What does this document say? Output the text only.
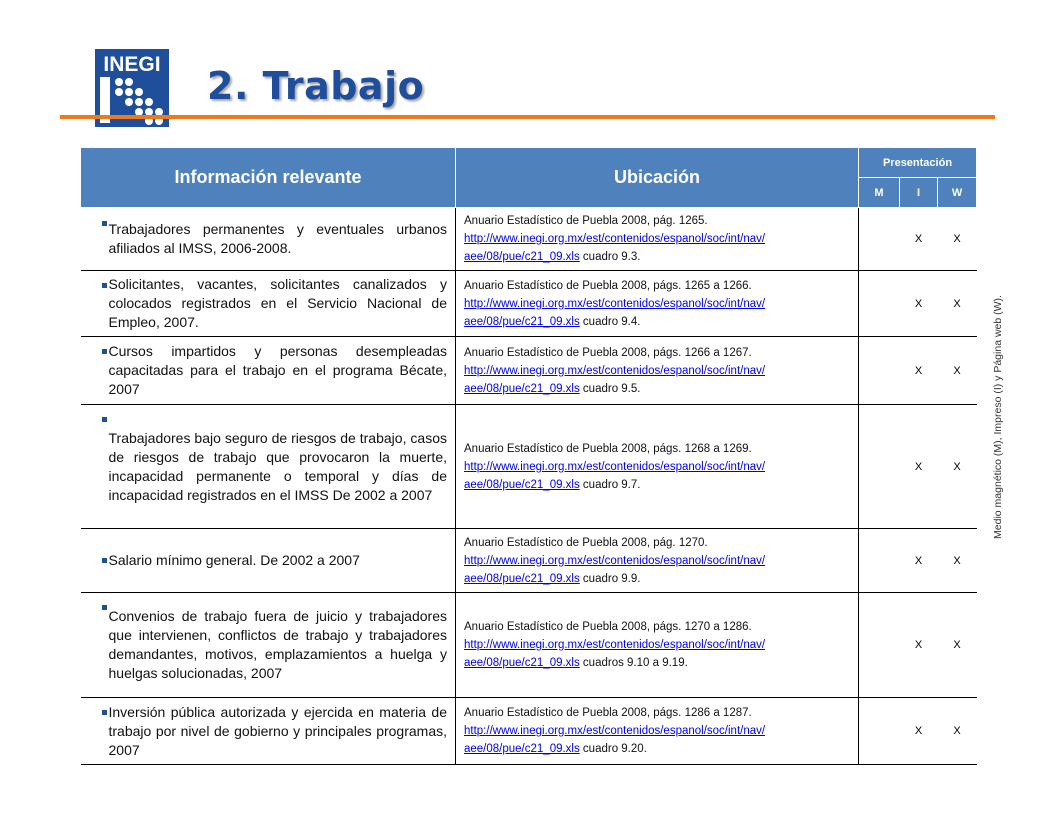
INEGI 2. Trabajo
Información relevante	Ubicación	Presentación		
		M	I	W

Trabajadores permanentes y eventuales urbanos afiliados al IMSS, 2006-2008.	Anuario Estadístico de Puebla 2008, pág. 1265.
http://www.inegi.org.mx/est/contenidos/espanol/soc/int/nav/ aee/08/pue/c21_09.xls cuadro 9.3.		X	X

Solicitantes, vacantes, solicitantes canalizados y colocados registrados en el Servicio Nacional de Empleo, 2007.	Anuario Estadístico de Puebla 2008, págs. 1265 a 1266.
http://www.inegi.org.mx/est/contenidos/espanol/soc/int/nav/ aee/08/pue/c21_09.xls cuadro 9.4.		X	X

Cursos impartidos y personas desempleadas capacitadas para el trabajo en el programa Bécate, 2007	Anuario Estadístico de Puebla 2008, págs. 1266 a 1267.
http://www.inegi.org.mx/est/contenidos/espanol/soc/int/nav/ aee/08/pue/c21_09.xls cuadro 9.5.		X	X

Trabajadores bajo seguro de riesgos de trabajo, casos de riesgos de trabajo que provocaron la muerte, incapacidad permanente o temporal y días de incapacidad registrados en el IMSS De 2002 a 2007	Anuario Estadístico de Puebla 2008, págs. 1268 a 1269.
http://www.inegi.org.mx/est/contenidos/espanol/soc/int/nav/ aee/08/pue/c21_09.xls cuadro 9.7.		X	X

Salario mínimo general. De 2002 a 2007	Anuario Estadístico de Puebla 2008, pág. 1270.
http://www.inegi.org.mx/est/contenidos/espanol/soc/int/nav/ aee/08/pue/c21_09.xls cuadro 9.9.		X	X

Convenios de trabajo fuera de juicio y trabajadores que intervienen, conflictos de trabajo y trabajadores demandantes, motivos, emplazamientos a huelga y huelgas solucionadas, 2007	Anuario Estadístico de Puebla 2008, págs. 1270 a 1286.
http://www.inegi.org.mx/est/contenidos/espanol/soc/int/nav/ aee/08/pue/c21_09.xls cuadros 9.10 a 9.19.		X	X

Inversión pública autorizada y ejercida en materia de trabajo por nivel de gobierno y principales programas, 2007	Anuario Estadístico de Puebla 2008, págs. 1286 a 1287.
http://www.inegi.org.mx/est/contenidos/espanol/soc/int/nav/ aee/08/pue/c21_09.xls cuadro 9.20.		X	X
Medio magnético (M), Impreso (I) y Página web (W).
